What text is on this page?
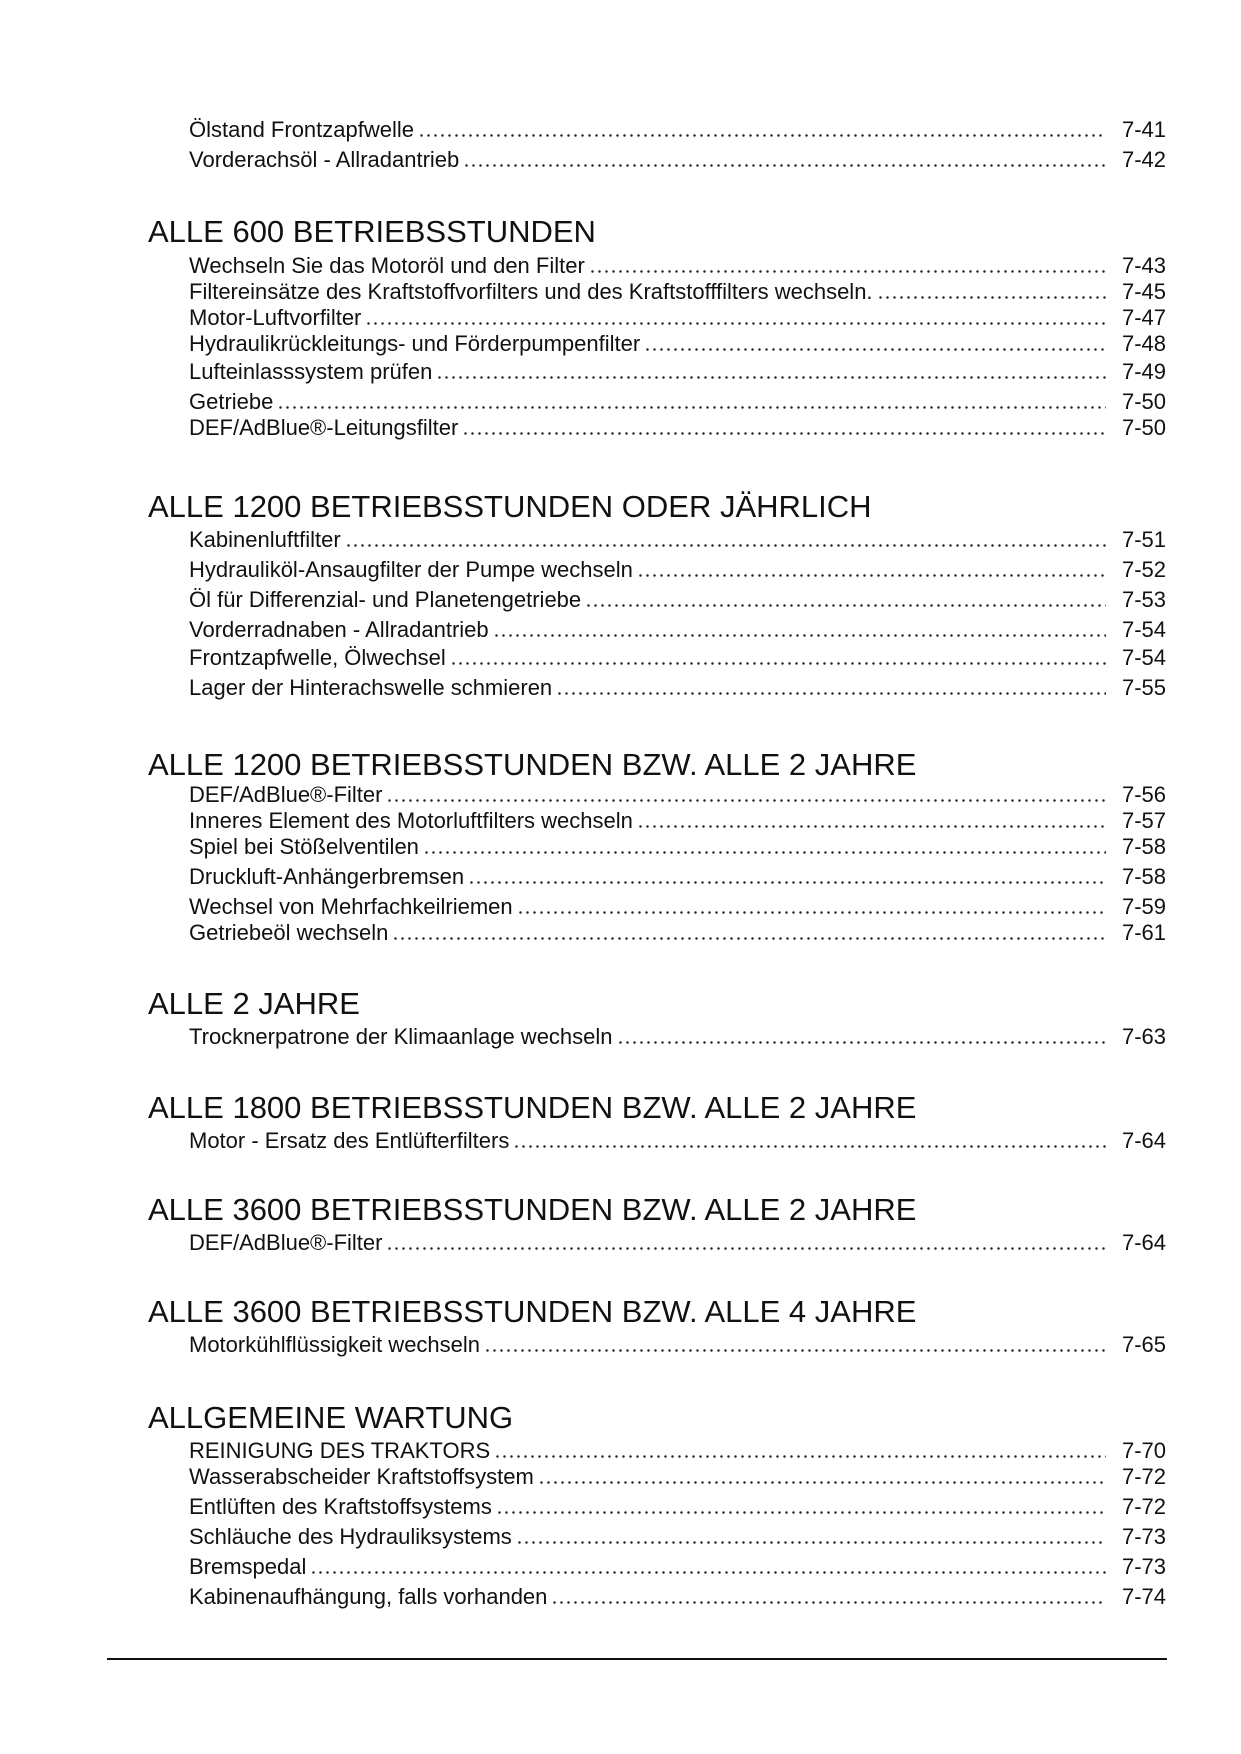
Ölstand Frontzapfwelle	7-41
Vorderachsöl - Allradantrieb	7-42
ALLE 600 BETRIEBSSTUNDEN
Wechseln Sie das Motoröl und den Filter	7-43
Filtereinsätze des Kraftstoffvorfilters und des Kraftstofffilters wechseln.	7-45
Motor-Luftvorfilter	7-47
Hydraulikrückleitungs- und Förderpumpenfilter	7-48
Lufteinlasssystem prüfen	7-49
Getriebe	7-50
DEF/AdBlue®-Leitungsfilter	7-50
ALLE 1200 BETRIEBSSTUNDEN ODER JÄHRLICH
Kabinenluftfilter	7-51
Hydrauliköl-Ansaugfilter der Pumpe wechseln	7-52
Öl für Differenzial- und Planetengetriebe	7-53
Vorderradnaben - Allradantrieb	7-54
Frontzapfwelle, Ölwechsel	7-54
Lager der Hinterachswelle schmieren	7-55
ALLE 1200 BETRIEBSSTUNDEN BZW. ALLE 2 JAHRE
DEF/AdBlue®-Filter	7-56
Inneres Element des Motorluftfilters wechseln	7-57
Spiel bei Stößelventilen	7-58
Druckluft-Anhängerbremsen	7-58
Wechsel von Mehrfachkeilriemen	7-59
Getriebeöl wechseln	7-61
ALLE 2 JAHRE
Trocknerpatrone der Klimaanlage wechseln	7-63
ALLE 1800 BETRIEBSSTUNDEN BZW. ALLE 2 JAHRE
Motor - Ersatz des Entlüfterfilters	7-64
ALLE 3600 BETRIEBSSTUNDEN BZW. ALLE 2 JAHRE
DEF/AdBlue®-Filter	7-64
ALLE 3600 BETRIEBSSTUNDEN BZW. ALLE 4 JAHRE
Motorkühlflüssigkeit wechseln	7-65
ALLGEMEINE WARTUNG
REINIGUNG DES TRAKTORS	7-70
Wasserabscheider Kraftstoffsystem	7-72
Entlüften des Kraftstoffsystems	7-72
Schläuche des Hydrauliksystems	7-73
Bremspedal	7-73
Kabinenaufhängung, falls vorhanden	7-74
